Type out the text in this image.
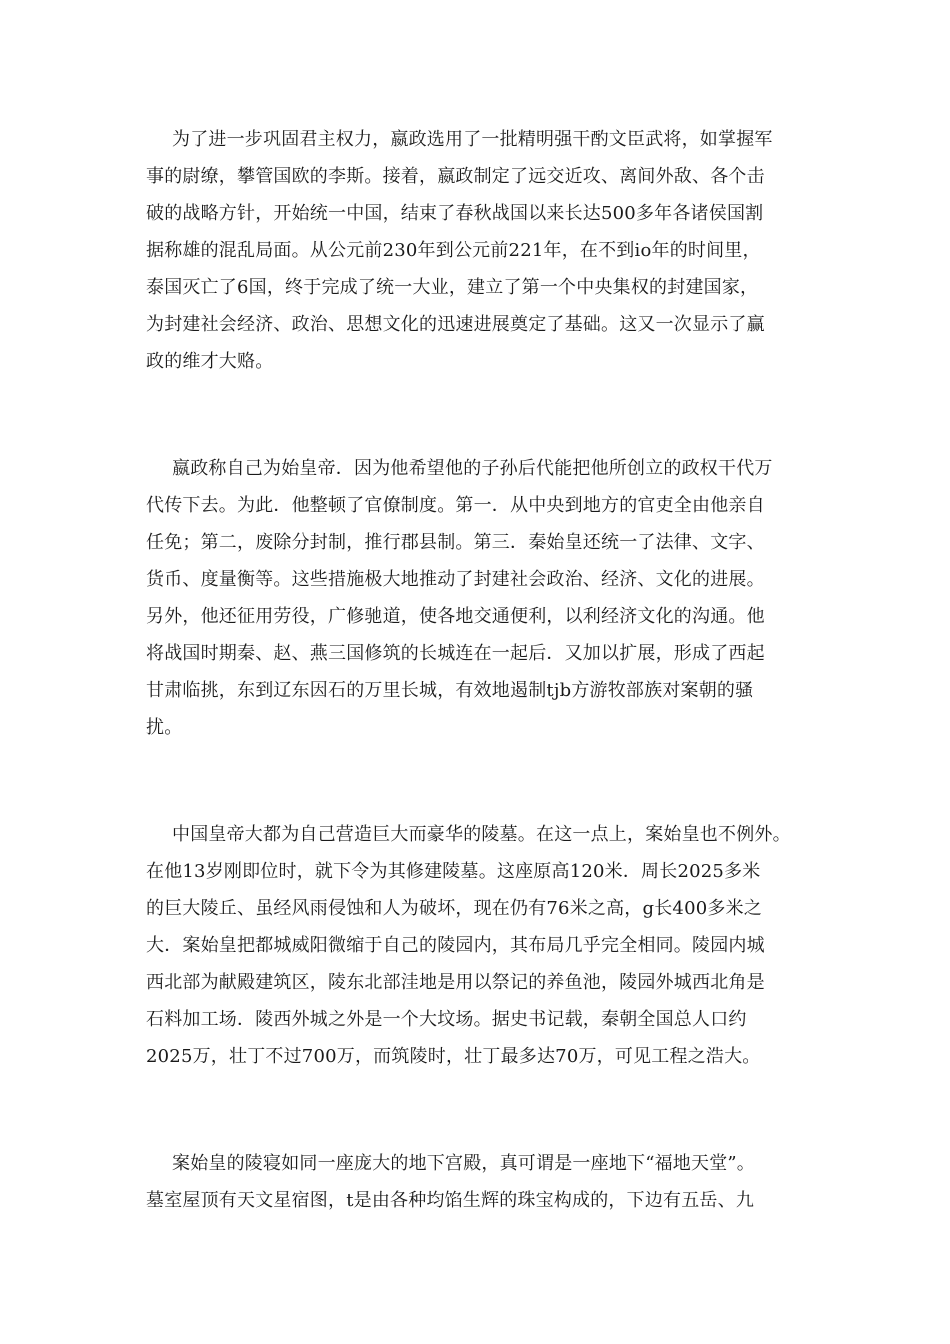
为了进一步巩固君主权力，嬴政选用了一批精明强干酌文臣武将，如掌握军
事的尉缭，攀管国欧的李斯。接着，嬴政制定了远交近攻、离间外敌、各个击
破的战略方针，开始统一中国，结束了春秋战国以来长达500多年各诸侯国割
据称雄的混乱局面。从公元前230年到公元前221年，在不到io年的时间里，
泰国灭亡了6国，终于完成了统一大业，建立了第一个中央集权的封建国家，
为封建社会经济、政治、思想文化的迅速进展奠定了基础。这又一次显示了赢
政的维才大赂。
嬴政称自己为始皇帝．因为他希望他的子孙后代能把他所创立的政权干代万
代传下去。为此．他整顿了官僚制度。第一．从中央到地方的官吏全由他亲自
任免；第二，废除分封制，推行郡县制。第三．秦始皇还统一了法律、文字、
货币、度量衡等。这些措施极大地推动了封建社会政治、经济、文化的进展。
另外，他还征用劳役，广修驰道，使各地交通便利，以利经济文化的沟通。他
将战国时期秦、赵、燕三国修筑的长城连在一起后．又加以扩展，形成了西起
甘肃临挑，东到辽东因石的万里长城，有效地遏制tjb方游牧部族对案朝的骚
扰。
中国皇帝大都为自己营造巨大而豪华的陵墓。在这一点上，案始皇也不例外。
在他13岁刚即位时，就下令为其修建陵墓。这座原高120米．周长2025多米
的巨大陵丘、虽经风雨侵蚀和人为破坏，现在仍有76米之高，g长400多米之
大．案始皇把都城威阳微缩于自己的陵园内，其布局几乎完全相同。陵园内城
西北部为献殿建筑区，陵东北部洼地是用以祭记的养鱼池，陵园外城西北角是
石料加工场．陵西外城之外是一个大坟场。据史书记载，秦朝全国总人口约
2025万，壮丁不过700万，而筑陵时，壮丁最多达70万，可见工程之浩大。
案始皇的陵寝如同一座庞大的地下宫殿，真可谓是一座地下“福地天堂”。
墓室屋顶有天文星宿图，t是由各种均馅生辉的珠宝构成的，下边有五岳、九
